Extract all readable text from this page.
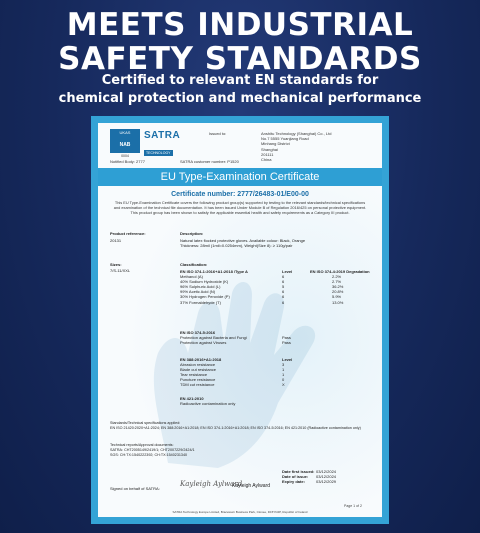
MEETS INDUSTRIAL
SAFETY STANDARDS
Certified to relevant EN standards for
chemical protection and mechanical performance
NAB
UKAS
0004
SATRA
TECHNOLOGY
Issued to:	Anshitu Technology (Shanghai) Co., Ltd
No.7 5555 Yuanjiang Road
Minhang District
Shanghai
201111
China
Notified Body: 2777	SATRA customer number: P1520
EU Type-Examination Certificate
Certificate number: 2777/26483-01/E00-00
This EU Type-Examination Certificate covers the following product group(s) supported by testing to the relevant standards/technical specifications and examination of the technical file documentation. It has been issued Under Module B of Regulation 2016/425 on personal protective equipment. This product group has been shown to satisfy the applicable essential health and safety requirements as a Category III product.
Product reference:	Description:
20131	Natural latex flocked protective gloves. Available colour: Black, Orange
Thickness: 28mil (1mil=0.0254mm), Weight(Size 8): ≥ 110g/pair
Sizes:
7/S-11/XXL
Classification:
EN ISO 374-1:2016+A1:2018 /Type A	Level	EN ISO 374-4:2019 Degradation
Methanol (A)	6	2.2%
40% Sodium Hydroxide (K)	6	2.7%
96% Sulphuric Acid (L)	5	36.2%
99% Acetic Acid (N)	6	20.8%
30% Hydrogen Peroxide (P)	6	5.9%
37% Formaldehyde (T)	6	13.0%
EN ISO 374-5:2016
Protection against Bacteria and Fungi	Pass
Protection against Viruses	Pass
EN 388:2016+A1:2018	Level
Abrasion resistance	3
Blade cut resistance	1
Tear resistance	1
Puncture resistance	0
TDM cut resistance	X
EN 421:2010
Radioactive contamination only
Standards/Technical specifications applied:
EN ISO 21420:2020+A1:2024; EN 388:2016+A1:2018; EN ISO 374-1:2016+A1:2018; EN ISO 374-5:2016; EN 421:2010 (Radioactive contamination only)
Technical reports/Approval documents:
SATRA: CHT2005149/2419/1; CHT2007229/2424/1
SGS: CH:TX:1540222392; CH:TX:1540231340
Signed on behalf of SATRA:
Kayleigh Aylward
Kayleigh Aylward
Date first issued: 03/12/2024
Date of issue: 03/12/2024
Expiry date:	03/12/2029
Page 1 of 2
SATRA Technology Europe Limited, Bracetown Business Park, Clonee, D15YN2P, Republic of Ireland
